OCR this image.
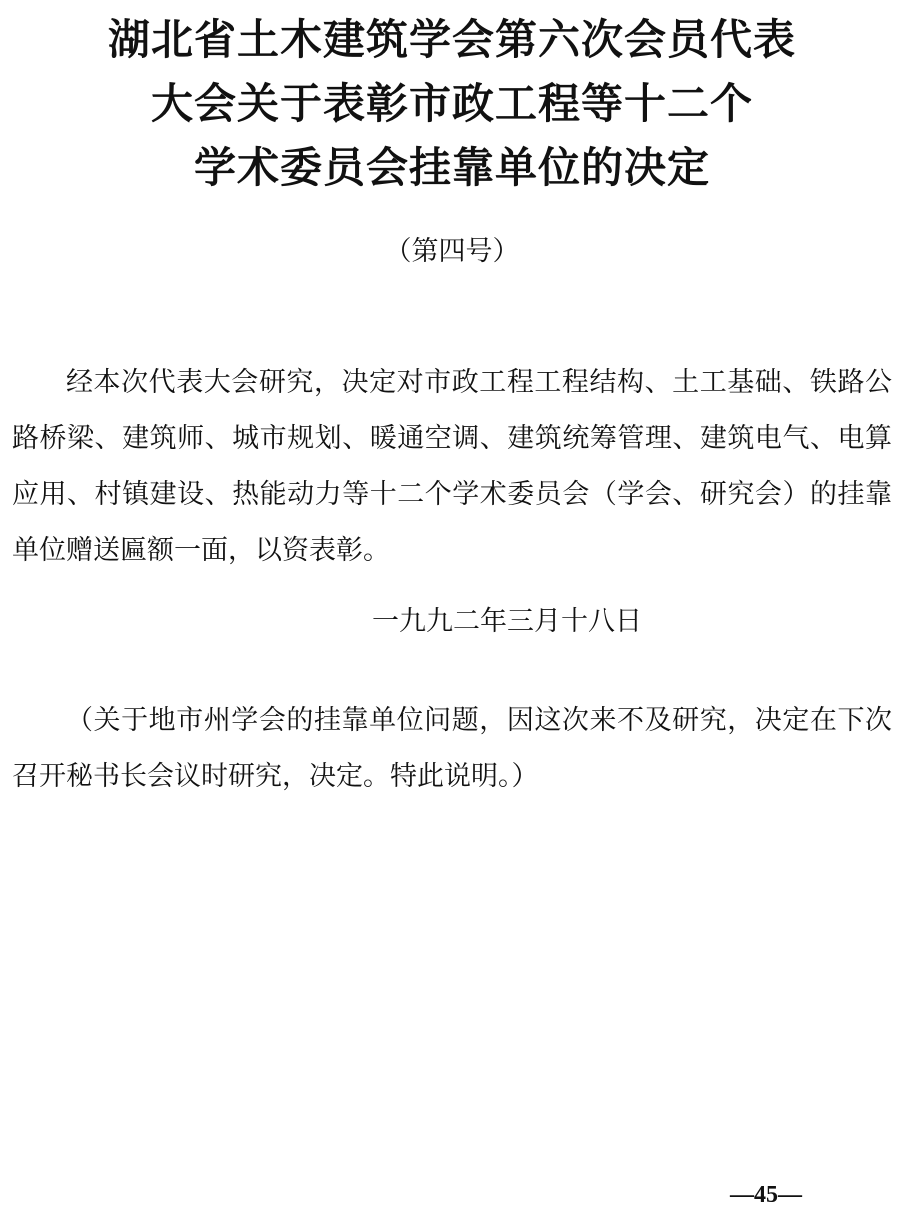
湖北省土木建筑学会第六次会员代表
大会关于表彰市政工程等十二个
学术委员会挂靠单位的决定
（第四号）
经本次代表大会研究，决定对市政工程工程结构、土工基础、铁路公路桥梁、建筑师、城市规划、暖通空调、建筑统筹管理、建筑电气、电算应用、村镇建设、热能动力等十二个学术委员会（学会、研究会）的挂靠单位赠送匾额一面，以资表彰。
一九九二年三月十八日
（关于地市州学会的挂靠单位问题，因这次来不及研究，决定在下次召开秘书长会议时研究，决定。特此说明。）
—45—
